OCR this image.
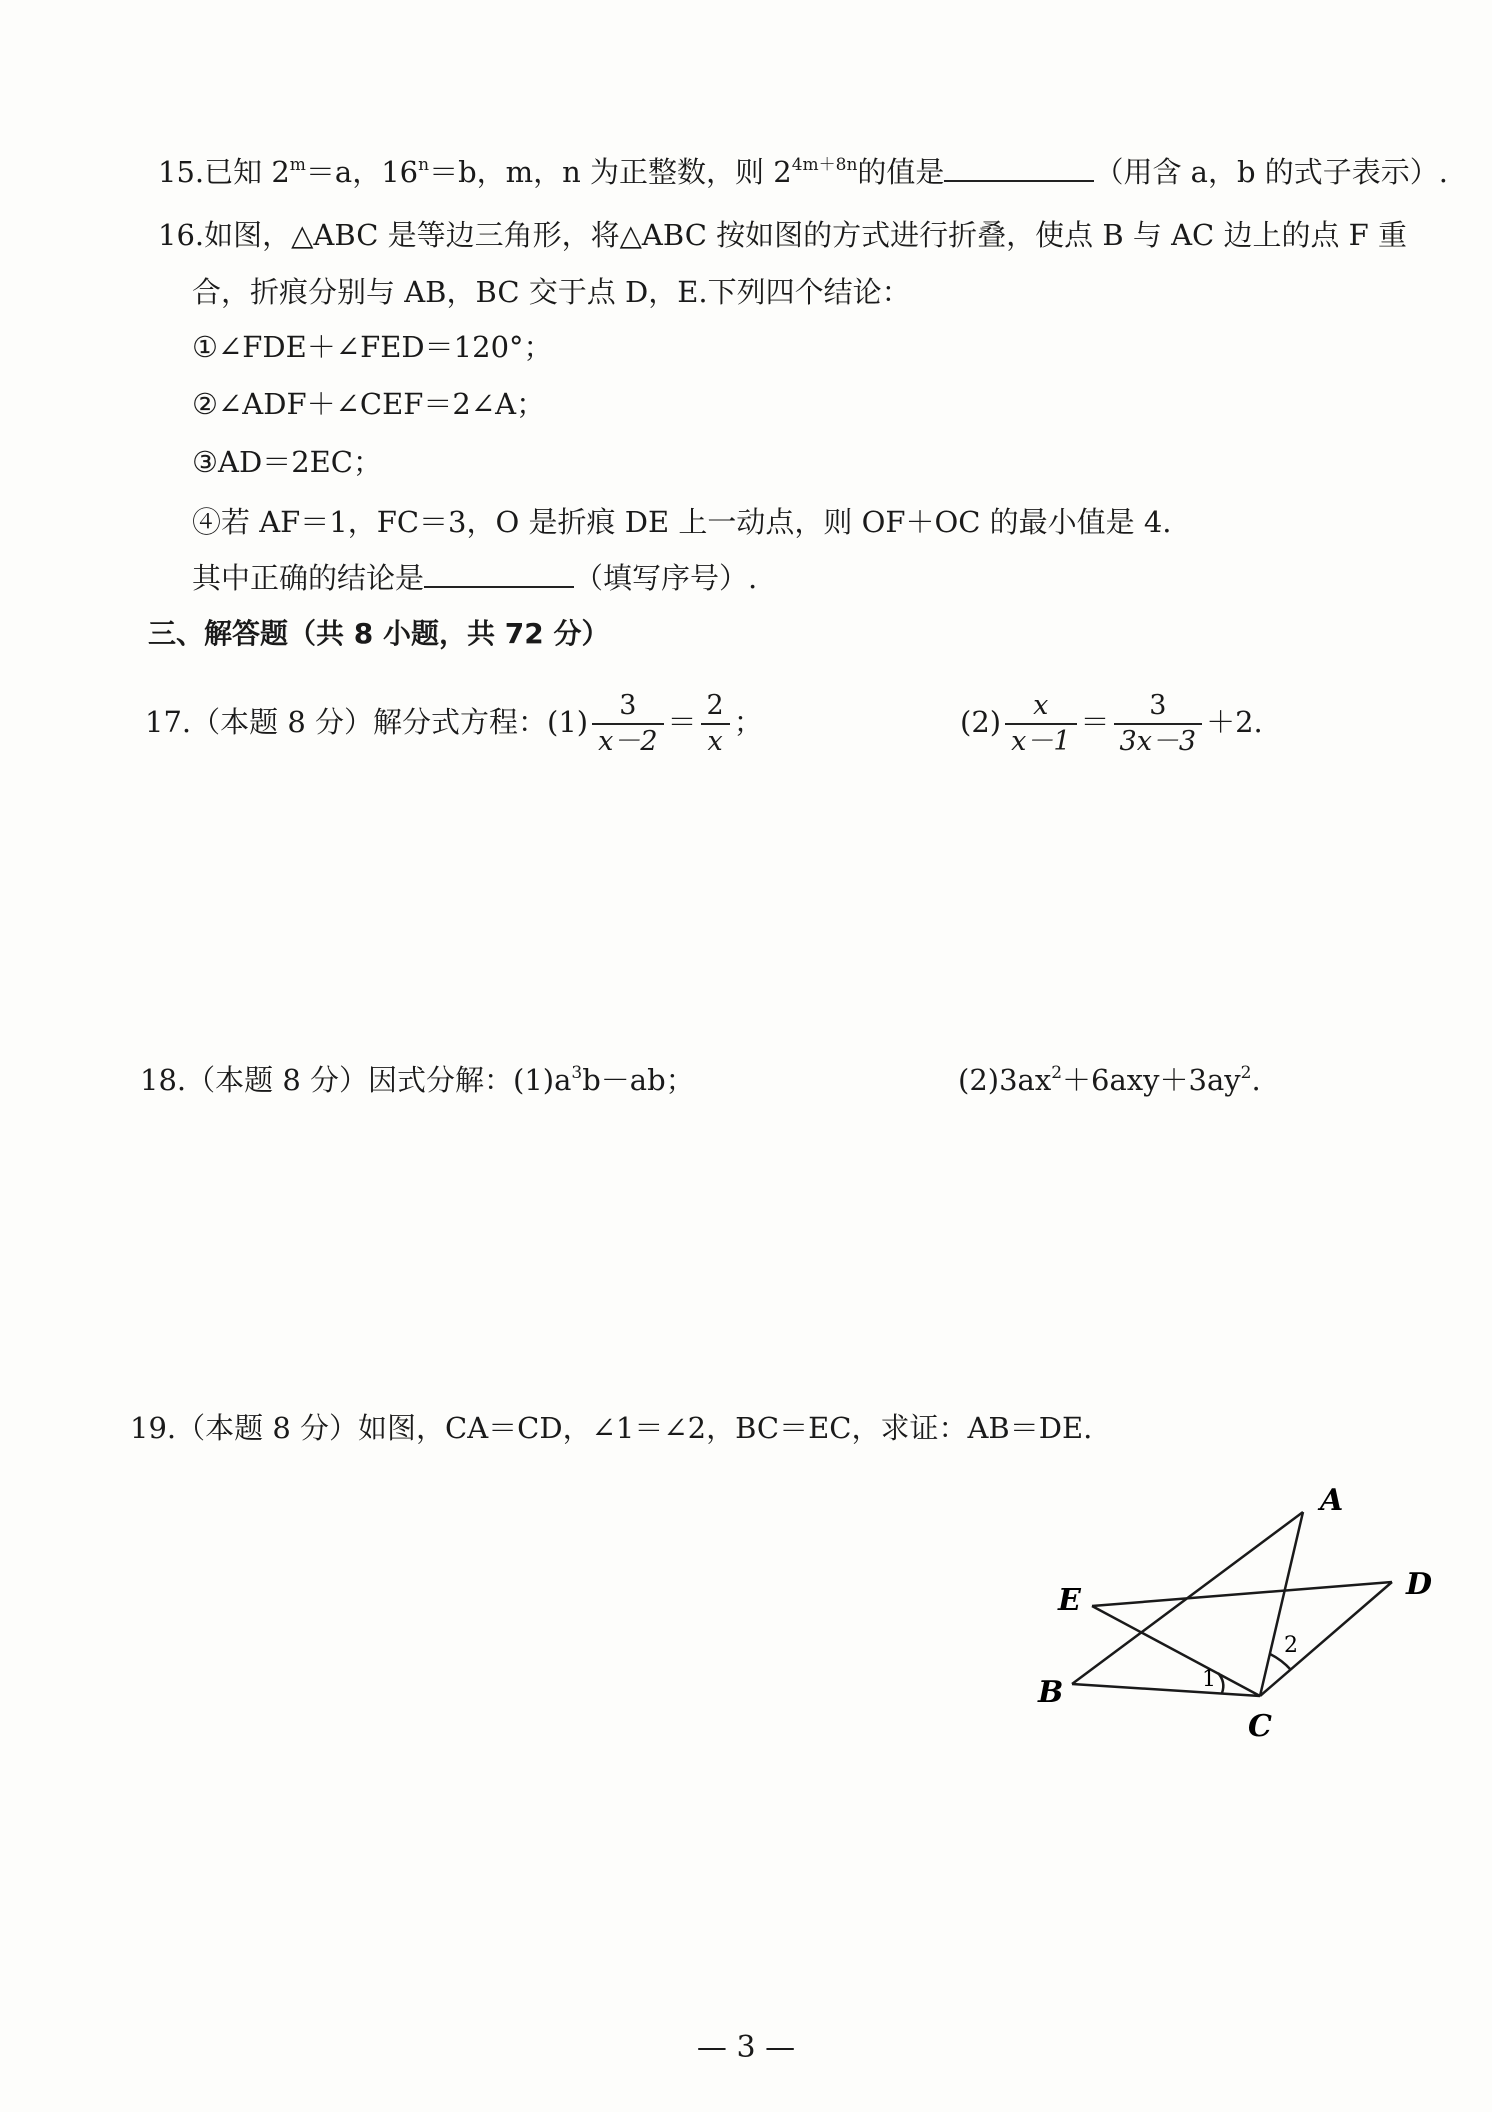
15.已知 $2^m=a$，$16^n=b$，m，n 为正整数，则 $2^{4m+8n}$的值是	（用含 a，b 的式子表示）.
16.如图，△ABC 是等边三角形，将△ABC 按如图的方式进行折叠，使点 B 与 AC 边上的点 F 重
合，折痕分别与 AB，BC 交于点 D，E.下列四个结论：
①∠FDE＋∠FED＝120°；
②∠ADF＋∠CEF＝2∠A；
③AD＝2EC；
④若 AF＝1，FC＝3，O 是折痕 DE 上一动点，则 OF＋OC 的最小值是 4.
其中正确的结论是	（填写序号）.
三、解答题（共 8 小题，共 72 分）
17.（本题 8 分）解分式方程：$(1) \frac{3}{x-2} = \frac{2}{x}$ ；	$(2) \frac{x}{x-1} = \frac{3}{3x-3} +2$.
18.（本题 8 分）因式分解：$(1)a^3b-ab$；	$(2)3ax^2+6axy+3ay^2$.
19.（本题 8 分）如图，CA＝CD，∠1＝∠2，BC＝EC，求证：AB＝DE.
A
B
C
D
E
1
2
— 3 —
